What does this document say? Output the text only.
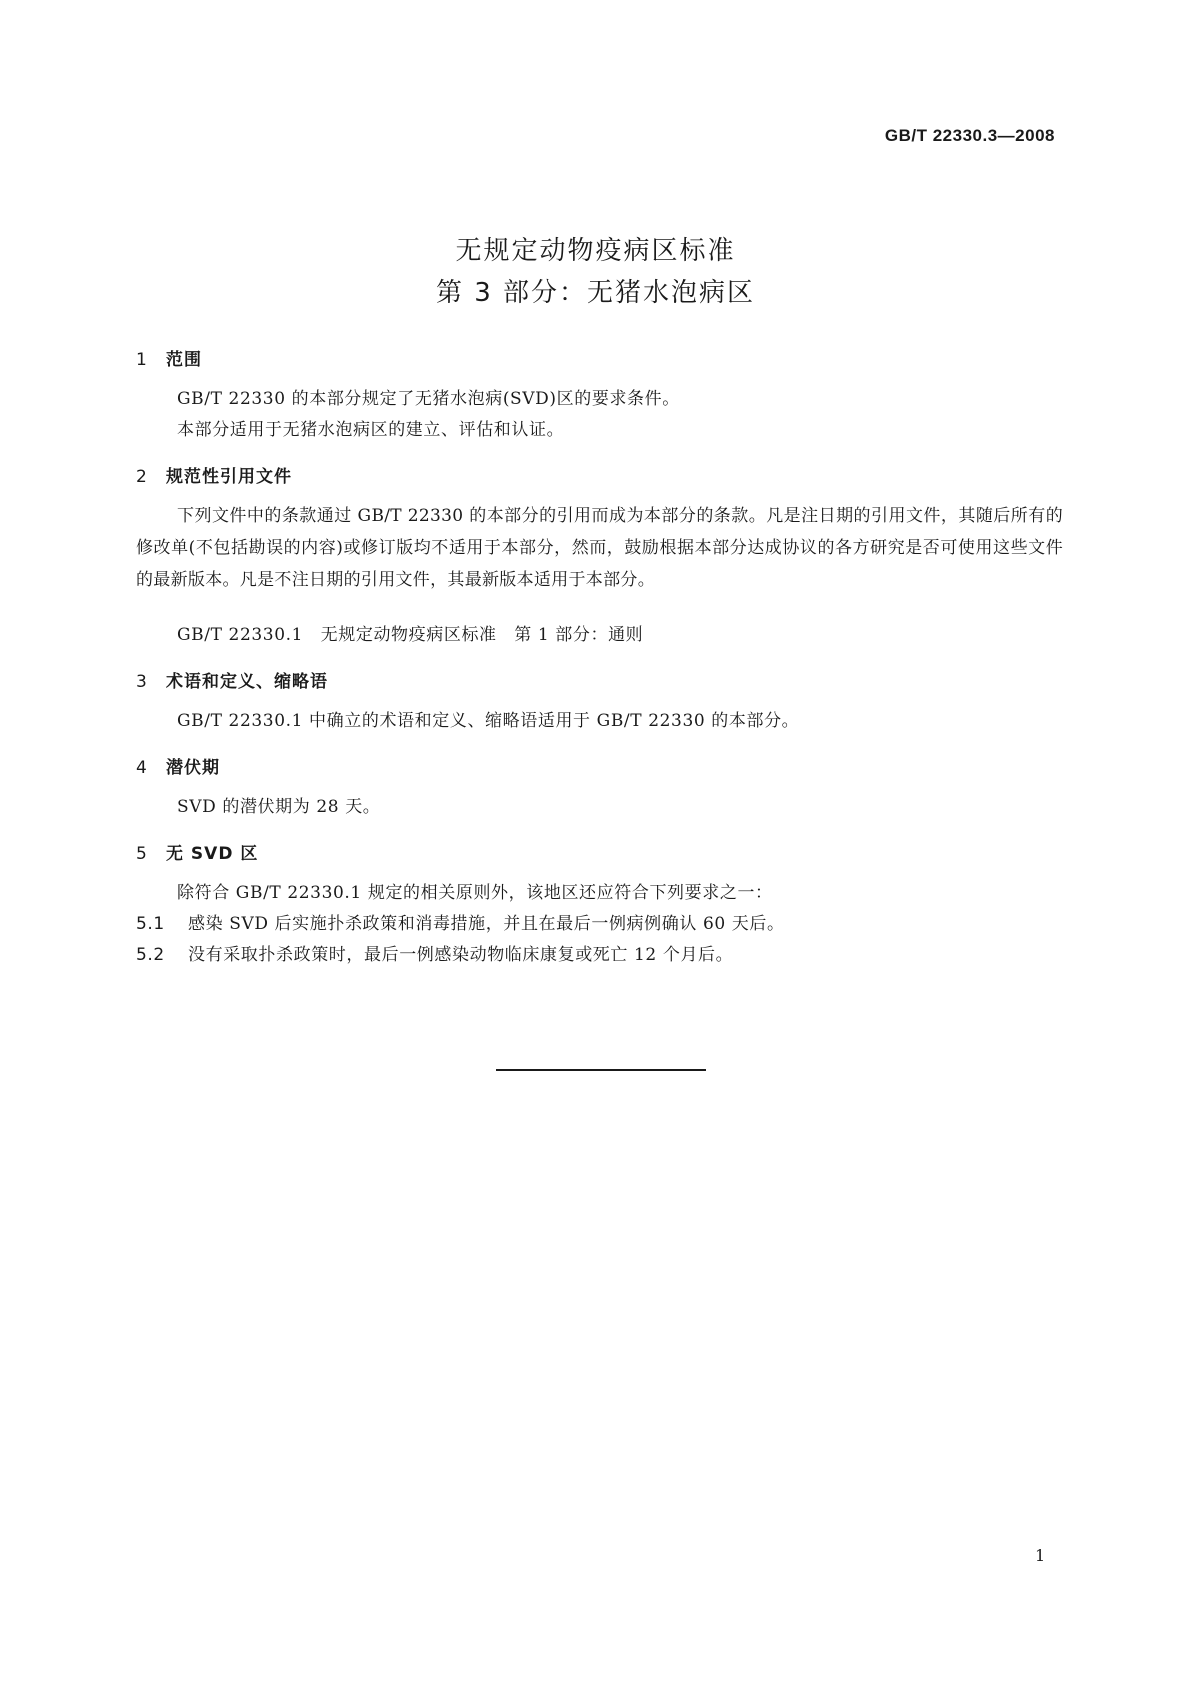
GB/T 22330.3—2008
无规定动物疫病区标准
第 3 部分：无猪水泡病区
1 范围
GB/T 22330 的本部分规定了无猪水泡病(SVD)区的要求条件。
本部分适用于无猪水泡病区的建立、评估和认证。
2 规范性引用文件

下列文件中的条款通过 GB/T 22330 的本部分的引用而成为本部分的条款。凡是注日期的引用文件，其随后所有的修改单(不包括勘误的内容)或修订版均不适用于本部分，然而，鼓励根据本部分达成协议的各方研究是否可使用这些文件的最新版本。凡是不注日期的引用文件，其最新版本适用于本部分。

GB/T 22330.1　无规定动物疫病区标准　第 1 部分：通则
3 术语和定义、缩略语
GB/T 22330.1 中确立的术语和定义、缩略语适用于 GB/T 22330 的本部分。
4 潜伏期
SVD 的潜伏期为 28 天。
5 无 SVD 区
除符合 GB/T 22330.1 规定的相关原则外，该地区还应符合下列要求之一：
5.1 感染 SVD 后实施扑杀政策和消毒措施，并且在最后一例病例确认 60 天后。
5.2 没有采取扑杀政策时，最后一例感染动物临床康复或死亡 12 个月后。
1
